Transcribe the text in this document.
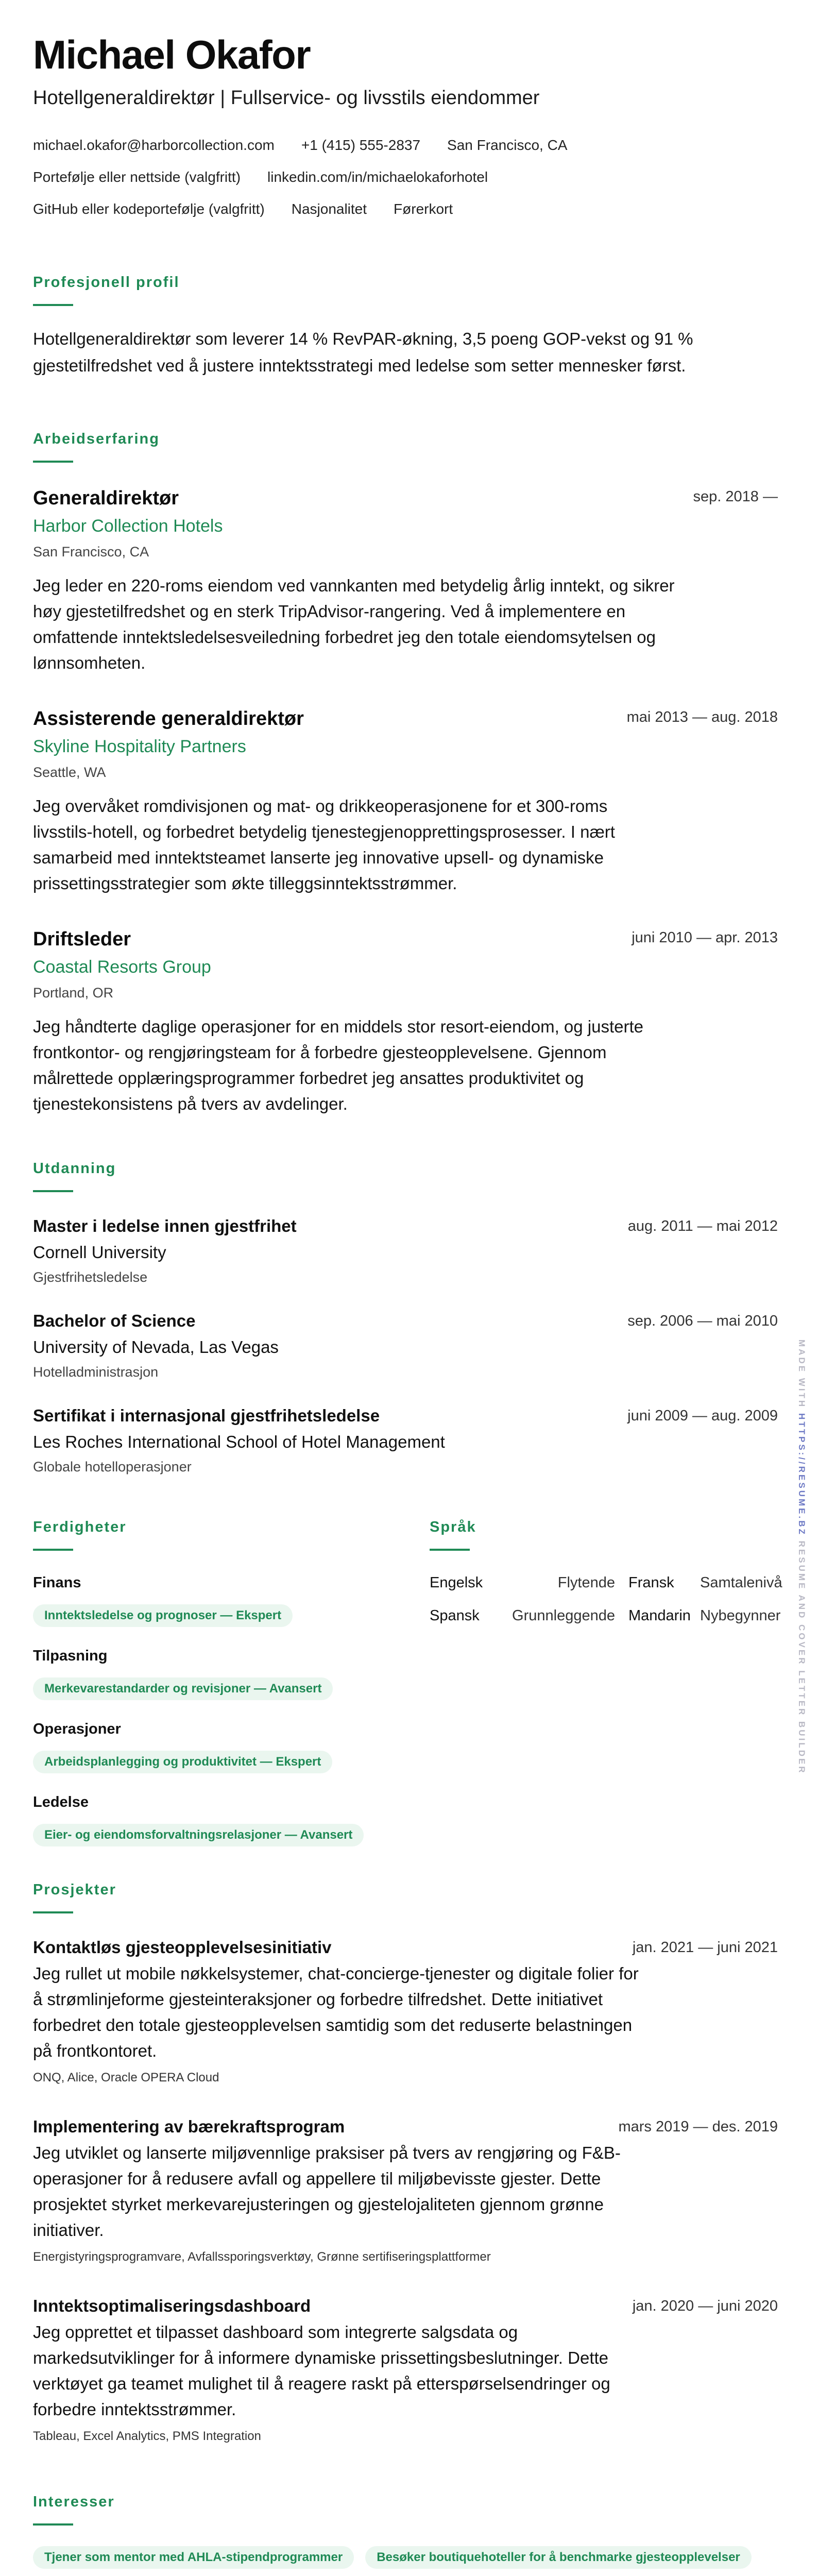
Michael Okafor
Hotellgeneraldirektør | Fullservice- og livsstils eiendommer
michael.okafor@harborcollection.com +1 (415) 555-2837 San Francisco, CA
Portefølje eller nettside (valgfritt) linkedin.com/in/michaelokaforhotel
GitHub eller kodeportefølje (valgfritt) Nasjonalitet Førerkort
Profesjonell profil
Hotellgeneraldirektør som leverer 14 % RevPAR-økning, 3,5 poeng GOP-vekst og 91 % gjestetilfredshet ved å justere inntektsstrategi med ledelse som setter mennesker først.
Arbeidserfaring
Generaldirektør
Harbor Collection Hotels
San Francisco, CA
sep. 2018 —
Jeg leder en 220-roms eiendom ved vannkanten med betydelig årlig inntekt, og sikrer høy gjestetilfredshet og en sterk TripAdvisor-rangering. Ved å implementere en omfattende inntektsledelsesveiledning forbedret jeg den totale eiendomsytelsen og lønnsomheten.
Assisterende generaldirektør
Skyline Hospitality Partners
Seattle, WA
mai 2013 — aug. 2018
Jeg overvåket romdivisjonen og mat- og drikkeoperasjonene for et 300-roms livsstils-hotell, og forbedret betydelig tjenestegjenopprettingsprosesser. I nært samarbeid med inntektsteamet lanserte jeg innovative upsell- og dynamiske prissettingsstrategier som økte tilleggsinntektsstrømmer.
Driftsleder
Coastal Resorts Group
Portland, OR
juni 2010 — apr. 2013
Jeg håndterte daglige operasjoner for en middels stor resort-eiendom, og justerte frontkontor- og rengjøringsteam for å forbedre gjesteopplevelsene. Gjennom målrettede opplæringsprogrammer forbedret jeg ansattes produktivitet og tjenestekonsistens på tvers av avdelinger.
Utdanning
Master i ledelse innen gjestfrihet
Cornell University
Gjestfrihetsledelse
aug. 2011 — mai 2012
Bachelor of Science
University of Nevada, Las Vegas
Hotelladministrasjon
sep. 2006 — mai 2010
Sertifikat i internasjonal gjestfrihetsledelse
Les Roches International School of Hotel Management
Globale hotelloperasjoner
juni 2009 — aug. 2009
Ferdigheter
Finans
Inntektsledelse og prognoser — Ekspert
Tilpasning
Merkevarestandarder og revisjoner — Avansert
Operasjoner
Arbeidsplanlegging og produktivitet — Ekspert
Ledelse
Eier- og eiendomsforvaltningsrelasjoner — Avansert
Språk
Engelsk	Flytende Fransk	Samtalenivå
Spansk	Grunnleggende Mandarin Nybegynner
Prosjekter
Kontaktløs gjesteopplevelsesinitiativ	jan. 2021 — juni 2021
Jeg rullet ut mobile nøkkelsystemer, chat-concierge-tjenester og digitale folier for å strømlinjeforme gjesteinteraksjoner og forbedre tilfredshet. Dette initiativet forbedret den totale gjesteopplevelsen samtidig som det reduserte belastningen på frontkontoret.
ONQ, Alice, Oracle OPERA Cloud
Implementering av bærekraftsprogram	mars 2019 — des. 2019
Jeg utviklet og lanserte miljøvennlige praksiser på tvers av rengjøring og F&B-operasjoner for å redusere avfall og appellere til miljøbevisste gjester. Dette prosjektet styrket merkevarejusteringen og gjestelojaliteten gjennom grønne initiativer.
Energistyringsprogramvare, Avfallssporingsverktøy, Grønne sertifiseringsplattformer
Inntektsoptimaliseringsdashboard	jan. 2020 — juni 2020
Jeg opprettet et tilpasset dashboard som integrerte salgsdata og markedsutviklinger for å informere dynamiske prissettingsbeslutninger. Dette verktøyet ga teamet mulighet til å reagere raskt på etterspørselsendringer og forbedre inntektsstrømmer.
Tableau, Excel Analytics, PMS Integration
Interesser
Tjener som mentor med AHLA-stipendprogrammer	Besøker boutiquehoteller for å benchmarke gjesteopplevelser
MADE WITH HTTPS://RESUME.BZ RESUME AND COVER LETTER BUILDER
